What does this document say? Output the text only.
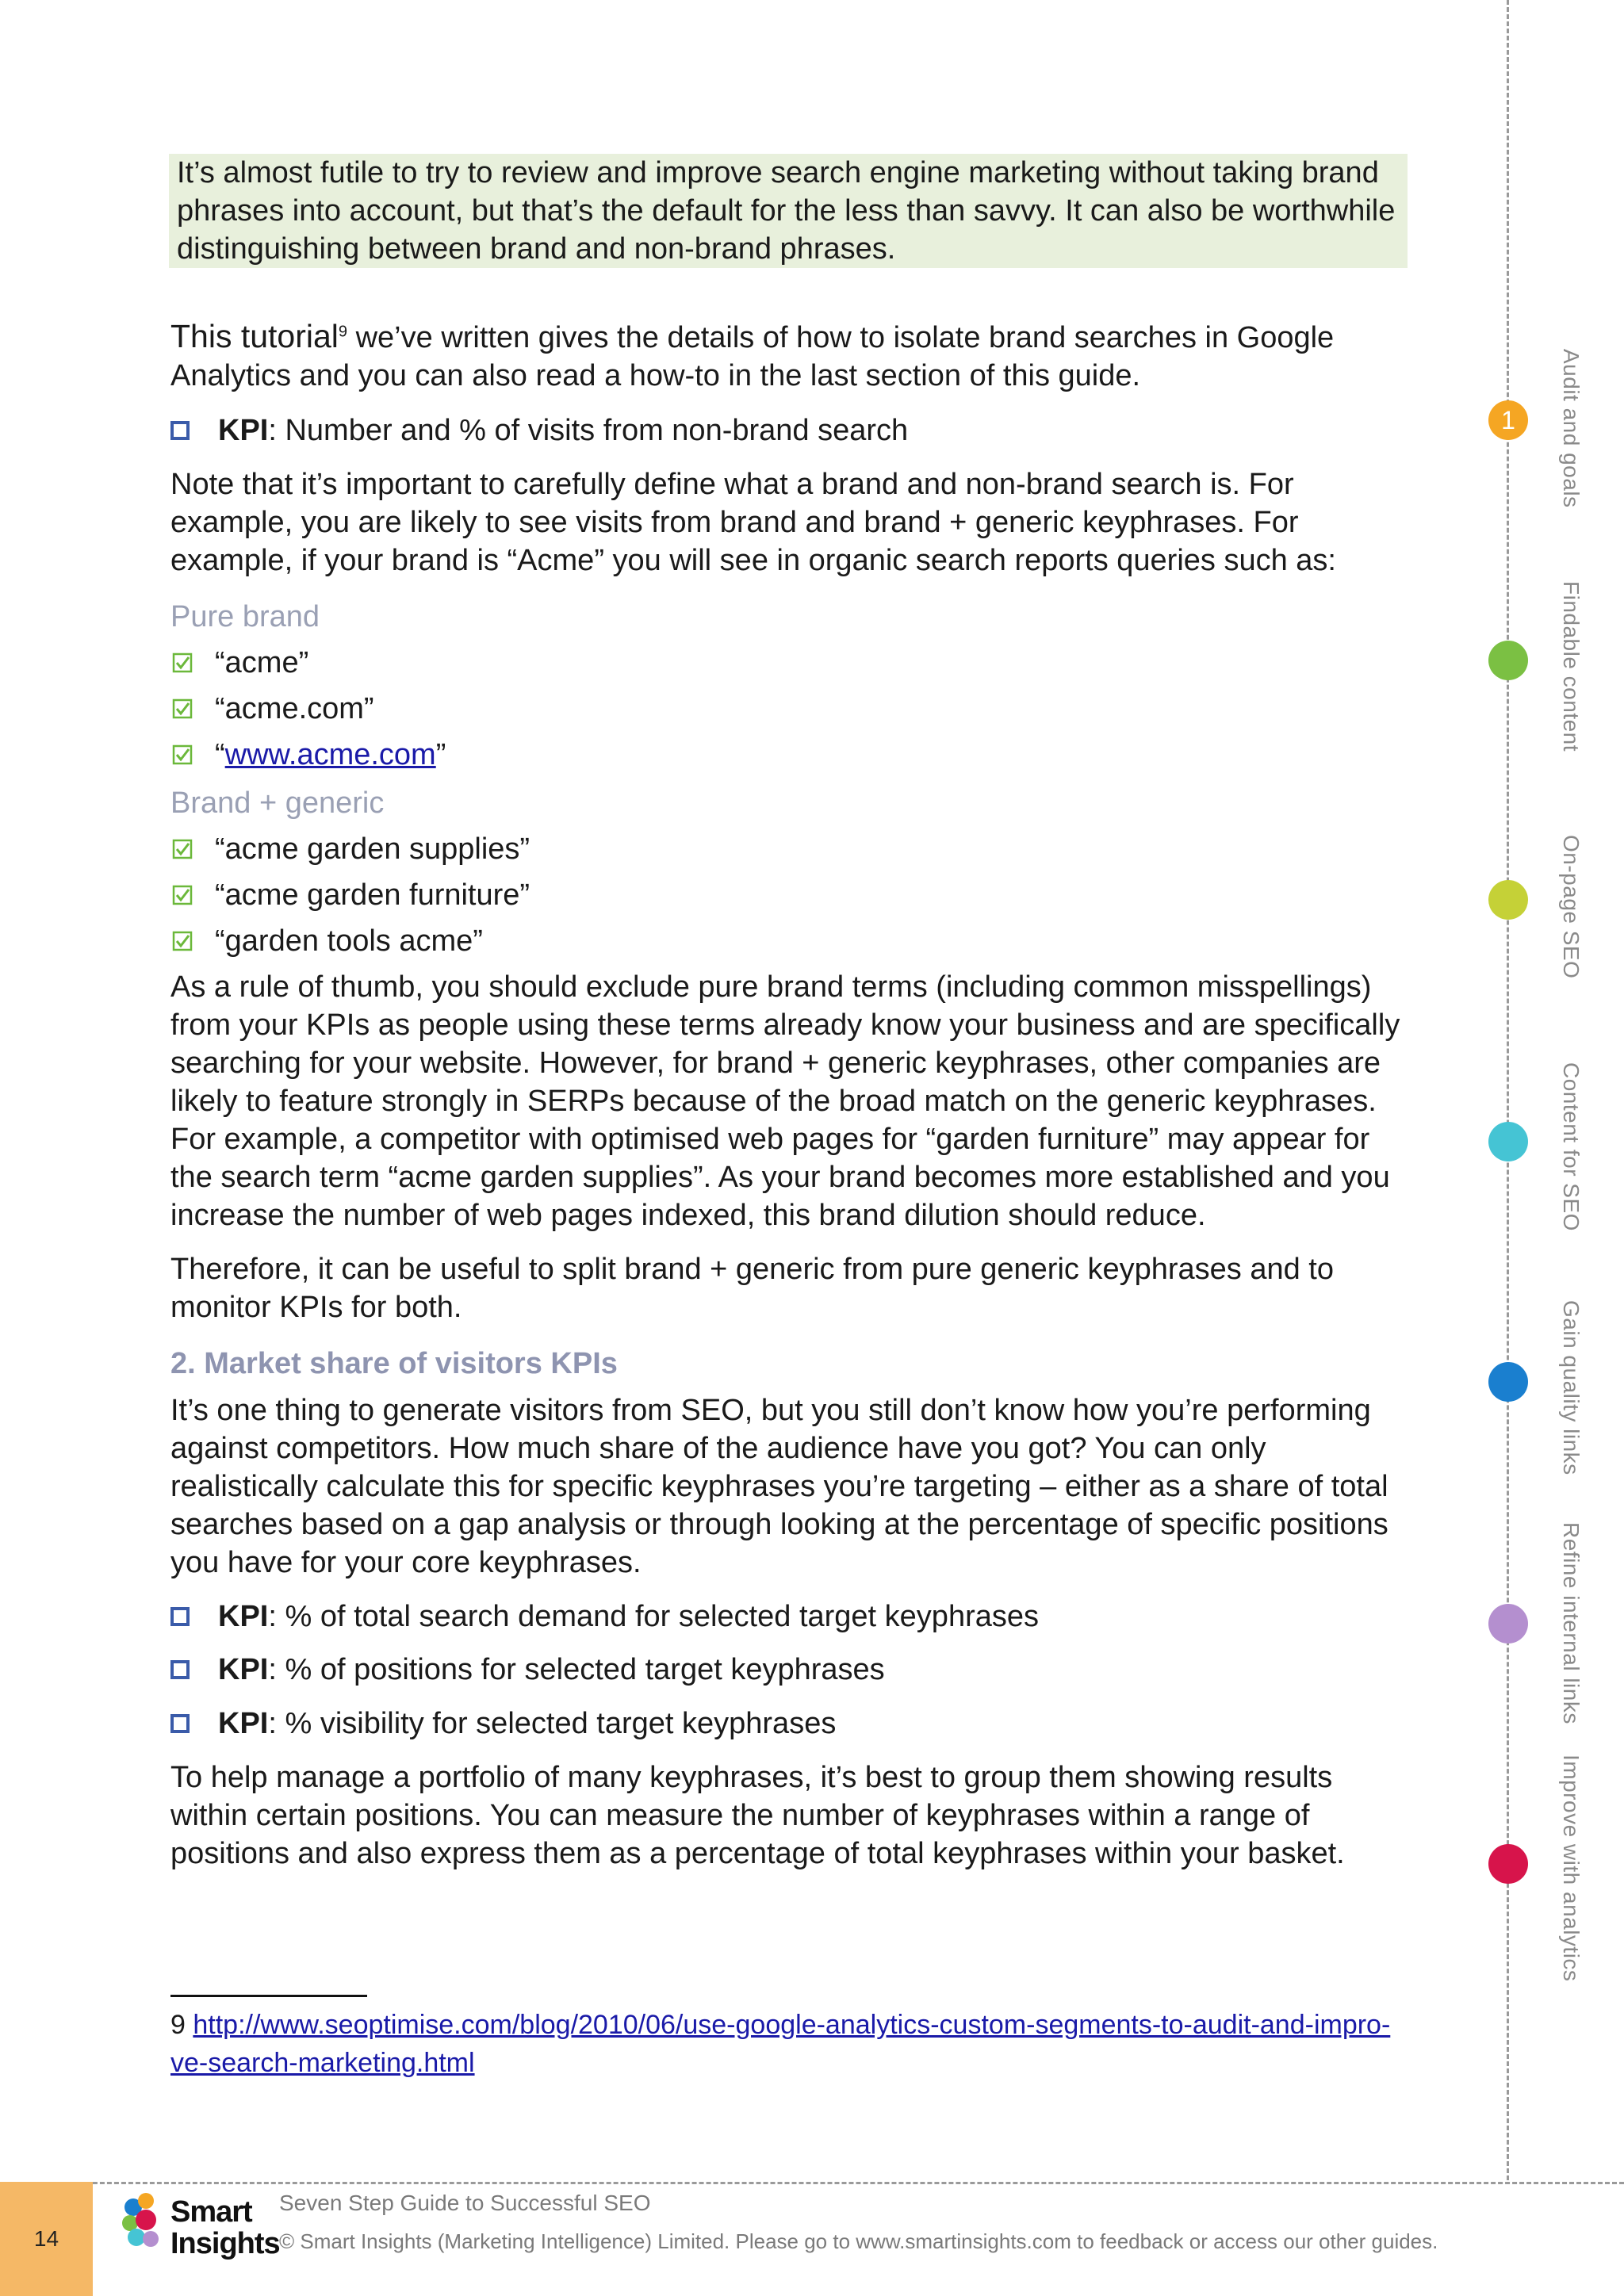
It’s almost futile to try to review and improve search engine marketing without taking brand

phrases into account, but that’s the default for the less than savvy. It can also be worthwhile

distinguishing between brand and non-brand phrases.

This tutorial$^9$ we’ve written gives the details of how to isolate brand searches in Google

Analytics and you can also read a how-to in the last section of this guide.

KPI : Number and % of visits from non-brand search

Note that it’s important to carefully define what a brand and non-brand search is. For

example, you are likely to see visits from brand and brand + generic keyphrases. For

example, if your brand is “Acme” you will see in organic search reports queries such as:

Pure brand
“acme”
“acme.com”
“ www.acme.com ”
Brand + generic
“acme garden supplies”
“acme garden furniture”
“garden tools acme”

As a rule of thumb, you should exclude pure brand terms (including common misspellings)

from your KPIs as people using these terms already know your business and are specifically

searching for your website. However, for brand + generic keyphrases, other companies are

likely to feature strongly in SERPs because of the broad match on the generic keyphrases.

For example, a competitor with optimised web pages for “garden furniture” may appear for

the search term “acme garden supplies”. As your brand becomes more established and you

increase the number of web pages indexed, this brand dilution should reduce.

Therefore, it can be useful to split brand + generic from pure generic keyphrases and to

monitor KPIs for both.

2. Market share of visitors KPIs

It’s one thing to generate visitors from SEO, but you still don’t know how you’re performing

against competitors. How much share of the audience have you got? You can only

realistically calculate this for specific keyphrases you’re targeting – either as a share of total

searches based on a gap analysis or through looking at the percentage of specific positions

you have for your core keyphrases.

KPI : % of total search demand for selected target keyphrases
KPI : % of positions for selected target keyphrases
KPI : % visibility for selected target keyphrases

To help manage a portfolio of many keyphrases, it’s best to group them showing results

within certain positions. You can measure the number of keyphrases within a range of

positions and also express them as a percentage of total keyphrases within your basket.

9 http://www.seoptimise.com/blog/2010/06/use-google-analytics-custom-segments-to-audit-and-impro-
ve-search-marketing.html
1 Audit and goals
Findable content
On-page SEO
Content for SEO
Gain quality links
Refine internal links
Improve with analytics
14
Smart
Insights
Seven Step Guide to Successful SEO
© Smart Insights (Marketing Intelligence) Limited. Please go to www.smartinsights.com to feedback or access our other guides.
